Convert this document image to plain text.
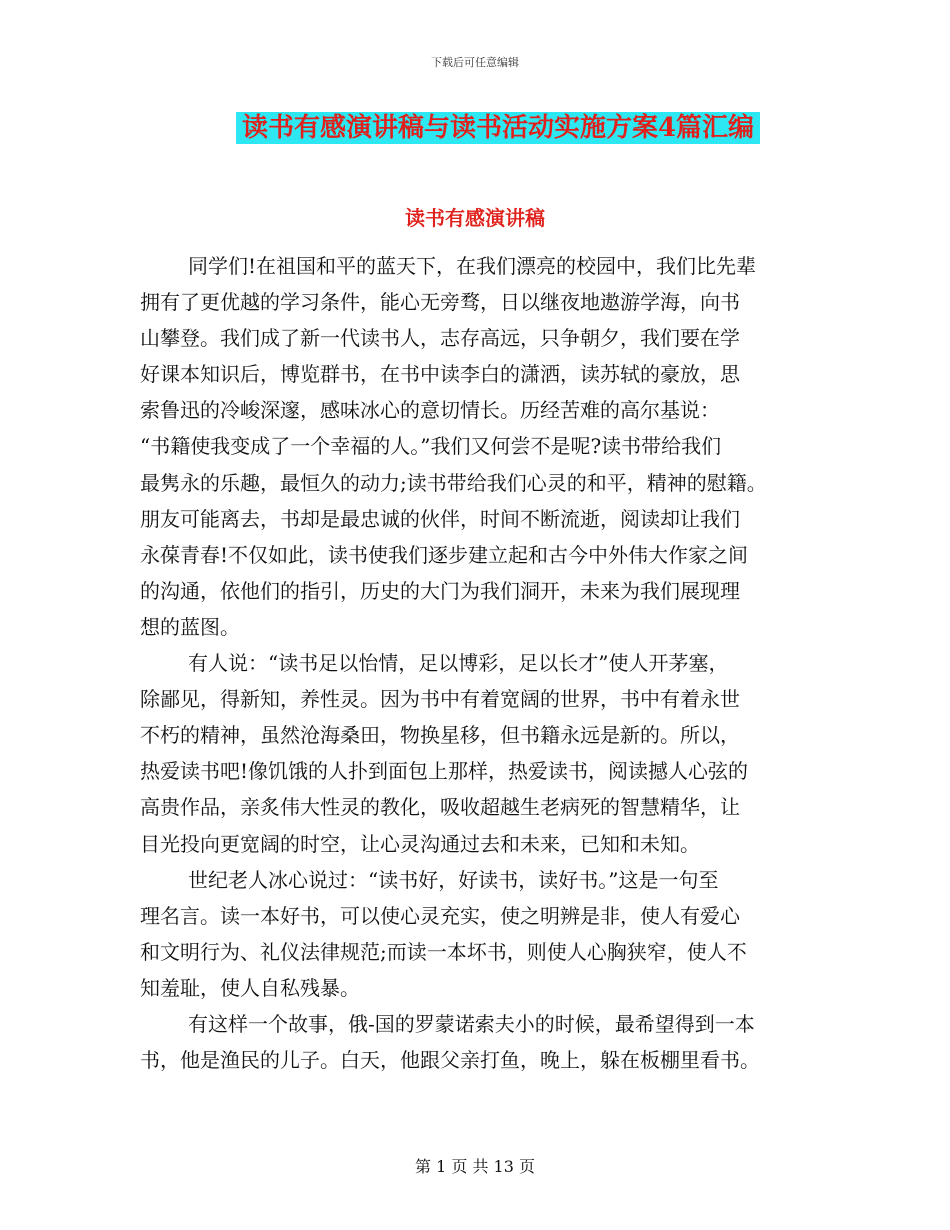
下载后可任意编辑
读书有感演讲稿与读书活动实施方案4篇汇编
读书有感演讲稿
同学们!在祖国和平的蓝天下，在我们漂亮的校园中，我们比先辈
拥有了更优越的学习条件，能心无旁骛，日以继夜地遨游学海，向书
山攀登。我们成了新一代读书人，志存高远，只争朝夕，我们要在学
好课本知识后，博览群书，在书中读李白的潇洒，读苏轼的豪放，思
索鲁迅的冷峻深邃，感味冰心的意切情长。历经苦难的高尔基说：
“书籍使我变成了一个幸福的人。”我们又何尝不是呢?读书带给我们
最隽永的乐趣，最恒久的动力;读书带给我们心灵的和平，精神的慰籍。
朋友可能离去，书却是最忠诚的伙伴，时间不断流逝，阅读却让我们
永葆青春!不仅如此，读书使我们逐步建立起和古今中外伟大作家之间
的沟通，依他们的指引，历史的大门为我们洞开，未来为我们展现理
想的蓝图。
有人说：“读书足以怡情，足以博彩，足以长才”使人开茅塞，
除鄙见，得新知，养性灵。因为书中有着宽阔的世界，书中有着永世
不朽的精神，虽然沧海桑田，物换星移，但书籍永远是新的。所以，
热爱读书吧!像饥饿的人扑到面包上那样，热爱读书，阅读撼人心弦的
高贵作品，亲炙伟大性灵的教化，吸收超越生老病死的智慧精华，让
目光投向更宽阔的时空，让心灵沟通过去和未来，已知和未知。
世纪老人冰心说过：“读书好，好读书，读好书。”这是一句至
理名言。读一本好书，可以使心灵充实，使之明辨是非，使人有爱心
和文明行为、礼仪法律规范;而读一本坏书，则使人心胸狭窄，使人不
知羞耻，使人自私残暴。
有这样一个故事，俄-国的罗蒙诺索夫小的时候，最希望得到一本
书，他是渔民的儿子。白天，他跟父亲打鱼，晚上，躲在板棚里看书。
第 1 页 共 13 页
